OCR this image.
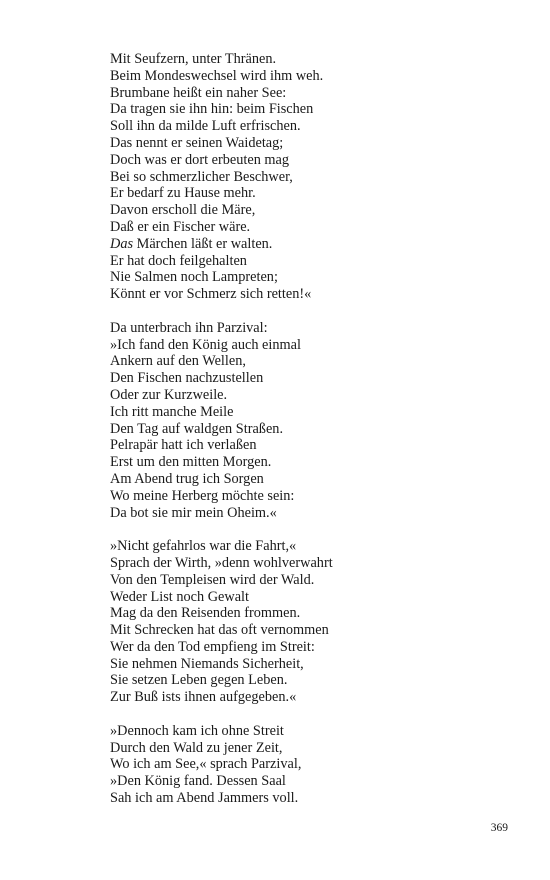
Mit Seufzern, unter Thränen.
Beim Mondeswechsel wird ihm weh.
Brumbane heißt ein naher See:
Da tragen sie ihn hin: beim Fischen
Soll ihn da milde Luft erfrischen.
Das nennt er seinen Waidetag;
Doch was er dort erbeuten mag
Bei so schmerzlicher Beschwer,
Er bedarf zu Hause mehr.
Davon erscholl die Märe,
Daß er ein Fischer wäre.
Das Märchen läßt er walten.
Er hat doch feilgehalten
Nie Salmen noch Lampreten;
Könnt er vor Schmerz sich retten!«
Da unterbrach ihn Parzival:
»Ich fand den König auch einmal
Ankern auf den Wellen,
Den Fischen nachzustellen
Oder zur Kurzweile.
Ich ritt manche Meile
Den Tag auf waldgen Straßen.
Pelrapär hatt ich verlaßen
Erst um den mitten Morgen.
Am Abend trug ich Sorgen
Wo meine Herberg möchte sein:
Da bot sie mir mein Oheim.«
»Nicht gefahrlos war die Fahrt,«
Sprach der Wirth, »denn wohlverwahrt
Von den Templeisen wird der Wald.
Weder List noch Gewalt
Mag da den Reisenden frommen.
Mit Schrecken hat das oft vernommen
Wer da den Tod empfieng im Streit:
Sie nehmen Niemands Sicherheit,
Sie setzen Leben gegen Leben.
Zur Buß ists ihnen aufgegeben.«
»Dennoch kam ich ohne Streit
Durch den Wald zu jener Zeit,
Wo ich am See,« sprach Parzival,
»Den König fand. Dessen Saal
Sah ich am Abend Jammers voll.
369
